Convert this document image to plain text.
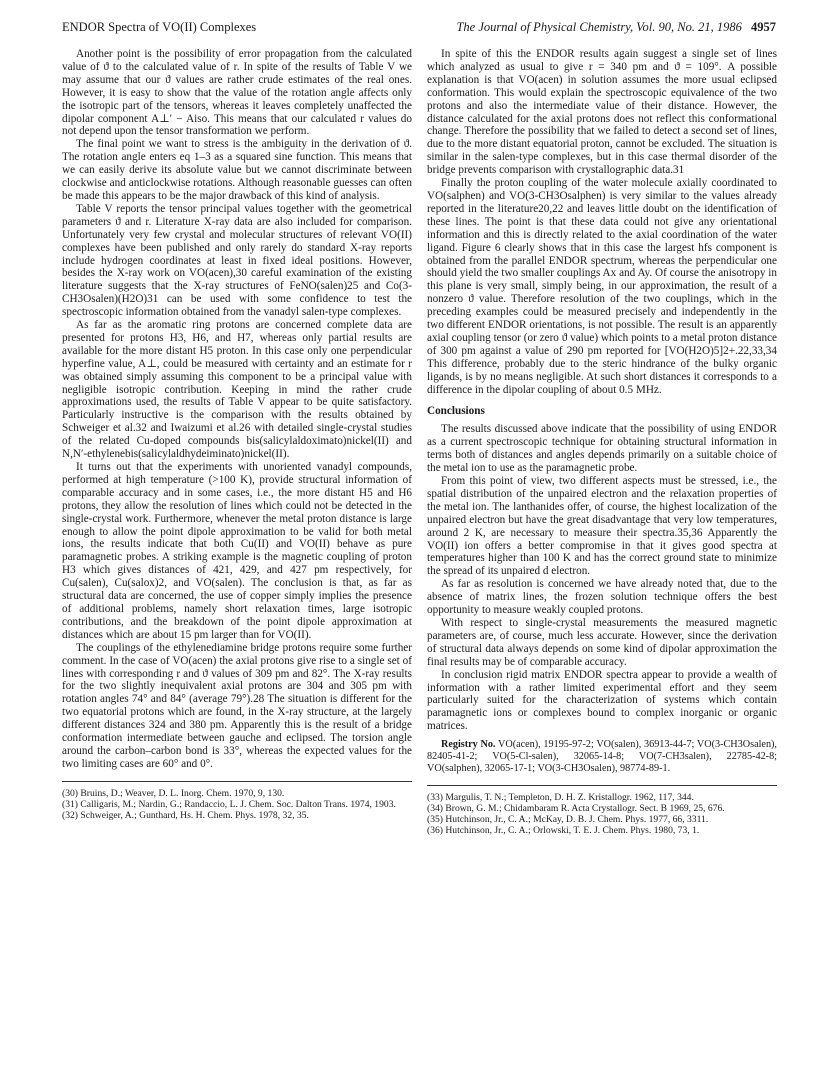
ENDOR Spectra of VO(II) Complexes	The Journal of Physical Chemistry, Vol. 90, No. 21, 1986 4957

Another point is the possibility of error propagation from the calculated value of ϑ to the calculated value of r. In spite of the results of Table V we may assume that our ϑ values are rather crude estimates of the real ones. However, it is easy to show that the value of the rotation angle affects only the isotropic part of the tensors, whereas it leaves completely unaffected the dipolar component A⊥′ − Aiso. This means that our calculated r values do not depend upon the tensor transformation we perform.

The final point we want to stress is the ambiguity in the derivation of ϑ. The rotation angle enters eq 1–3 as a squared sine function. This means that we can easily derive its absolute value but we cannot discriminate between clockwise and anticlockwise rotations. Although reasonable guesses can often be made this appears to be the major drawback of this kind of analysis.

Table V reports the tensor principal values together with the geometrical parameters ϑ and r. Literature X-ray data are also included for comparison. Unfortunately very few crystal and molecular structures of relevant VO(II) complexes have been published and only rarely do standard X-ray reports include hydrogen coordinates at least in fixed ideal positions. However, besides the X-ray work on VO(acen),30 careful examination of the existing literature suggests that the X-ray structures of FeNO(salen)25 and Co(3-CH3Osalen)(H2O)31 can be used with some confidence to test the spectroscopic information obtained from the vanadyl salen-type complexes.

As far as the aromatic ring protons are concerned complete data are presented for protons H3, H6, and H7, whereas only partial results are available for the more distant H5 proton. In this case only one perpendicular hyperfine value, A⊥, could be measured with certainty and an estimate for r was obtained simply assuming this component to be a principal value with negligible isotropic contribution. Keeping in mind the rather crude approximations used, the results of Table V appear to be quite satisfactory. Particularly instructive is the comparison with the results obtained by Schweiger et al.32 and Iwaizumi et al.26 with detailed single-crystal studies of the related Cu-doped compounds bis(salicylaldoximato)nickel(II) and N,N′-ethylenebis(salicylaldhydeiminato)nickel(II).

It turns out that the experiments with unoriented vanadyl compounds, performed at high temperature (>100 K), provide structural information of comparable accuracy and in some cases, i.e., the more distant H5 and H6 protons, they allow the resolution of lines which could not be detected in the single-crystal work. Furthermore, whenever the metal proton distance is large enough to allow the point dipole approximation to be valid for both metal ions, the results indicate that both Cu(II) and VO(II) behave as pure paramagnetic probes. A striking example is the magnetic coupling of proton H3 which gives distances of 421, 429, and 427 pm respectively, for Cu(salen), Cu(salox)2, and VO(salen). The conclusion is that, as far as structural data are concerned, the use of copper simply implies the presence of additional problems, namely short relaxation times, large isotropic contributions, and the breakdown of the point dipole approximation at distances which are about 15 pm larger than for VO(II).

The couplings of the ethylenediamine bridge protons require some further comment. In the case of VO(acen) the axial protons give rise to a single set of lines with corresponding r and ϑ values of 309 pm and 82°. The X-ray results for the two slightly inequivalent axial protons are 304 and 305 pm with rotation angles 74° and 84° (average 79°).28 The situation is different for the two equatorial protons which are found, in the X-ray structure, at the largely different distances 324 and 380 pm. Apparently this is the result of a bridge conformation intermediate between gauche and eclipsed. The torsion angle around the carbon–carbon bond is 33°, whereas the expected values for the two limiting cases are 60° and 0°.

(30) Bruins, D.; Weaver, D. L. Inorg. Chem. 1970, 9, 130.
(31) Calligaris, M.; Nardin, G.; Randaccio, L. J. Chem. Soc. Dalton Trans. 1974, 1903.
(32) Schweiger, A.; Gunthard, Hs. H. Chem. Phys. 1978, 32, 35.

In spite of this the ENDOR results again suggest a single set of lines which analyzed as usual to give r = 340 pm and ϑ = 109°. A possible explanation is that VO(acen) in solution assumes the more usual eclipsed conformation. This would explain the spectroscopic equivalence of the two protons and also the intermediate value of their distance. However, the distance calculated for the axial protons does not reflect this conformational change. Therefore the possibility that we failed to detect a second set of lines, due to the more distant equatorial proton, cannot be excluded. The situation is similar in the salen-type complexes, but in this case thermal disorder of the bridge prevents comparison with crystallographic data.31

Finally the proton coupling of the water molecule axially coordinated to VO(salphen) and VO(3-CH3Osalphen) is very similar to the values already reported in the literature20,22 and leaves little doubt on the identification of these lines. The point is that these data could not give any orientational information and this is directly related to the axial coordination of the water ligand. Figure 6 clearly shows that in this case the largest hfs component is obtained from the parallel ENDOR spectrum, whereas the perpendicular one should yield the two smaller couplings Ax and Ay. Of course the anisotropy in this plane is very small, simply being, in our approximation, the result of a nonzero ϑ value. Therefore resolution of the two couplings, which in the preceding examples could be measured precisely and independently in the two different ENDOR orientations, is not possible. The result is an apparently axial coupling tensor (or zero ϑ value) which points to a metal proton distance of 300 pm against a value of 290 pm reported for [VO(H2O)5]2+.22,33,34 This difference, probably due to the steric hindrance of the bulky organic ligands, is by no means negligible. At such short distances it corresponds to a difference in the dipolar coupling of about 0.5 MHz.

Conclusions

The results discussed above indicate that the possibility of using ENDOR as a current spectroscopic technique for obtaining structural information in terms both of distances and angles depends primarily on a suitable choice of the metal ion to use as the paramagnetic probe.

From this point of view, two different aspects must be stressed, i.e., the spatial distribution of the unpaired electron and the relaxation properties of the metal ion. The lanthanides offer, of course, the highest localization of the unpaired electron but have the great disadvantage that very low temperatures, around 2 K, are necessary to measure their spectra.35,36 Apparently the VO(II) ion offers a better compromise in that it gives good spectra at temperatures higher than 100 K and has the correct ground state to minimize the spread of its unpaired d electron.

As far as resolution is concerned we have already noted that, due to the absence of matrix lines, the frozen solution technique offers the best opportunity to measure weakly coupled protons.

With respect to single-crystal measurements the measured magnetic parameters are, of course, much less accurate. However, since the derivation of structural data always depends on some kind of dipolar approximation the final results may be of comparable accuracy.

In conclusion rigid matrix ENDOR spectra appear to provide a wealth of information with a rather limited experimental effort and they seem particularly suited for the characterization of systems which contain paramagnetic ions or complexes bound to complex inorganic or organic matrices.

Registry No. VO(acen), 19195-97-2; VO(salen), 36913-44-7; VO(3-CH3Osalen), 82405-41-2; VO(5-Cl-salen), 32065-14-8; VO(7-CH3salen), 22785-42-8; VO(salphen), 32065-17-1; VO(3-CH3Osalen), 98774-89-1.

(33) Margulis, T. N.; Templeton, D. H. Z. Kristallogr. 1962, 117, 344.
(34) Brown, G. M.; Chidambaram R. Acta Crystallogr. Sect. B 1969, 25, 676.
(35) Hutchinson, Jr., C. A.; McKay, D. B. J. Chem. Phys. 1977, 66, 3311.
(36) Hutchinson, Jr., C. A.; Orlowski, T. E. J. Chem. Phys. 1980, 73, 1.
